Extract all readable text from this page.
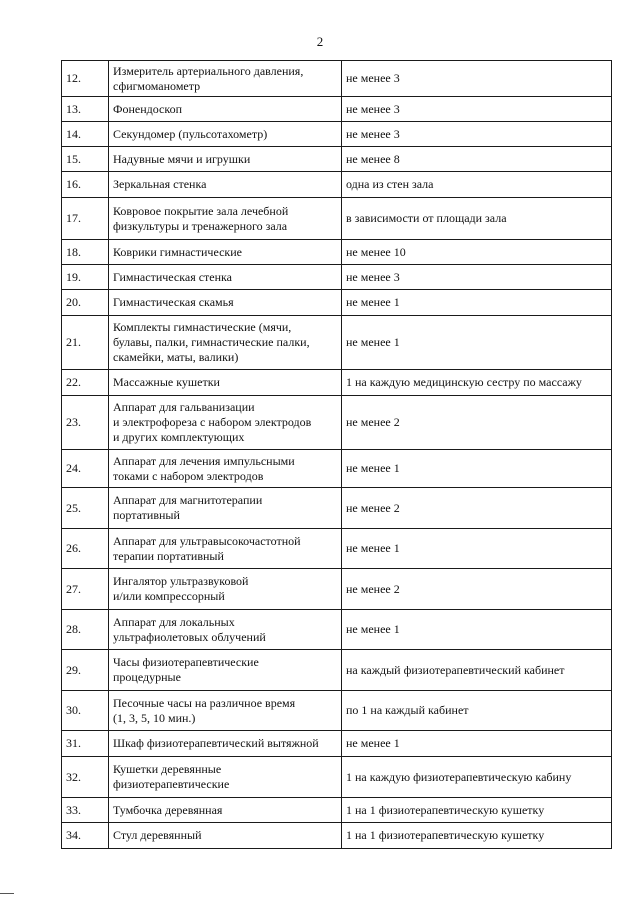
2
12.	Измеритель артериального давления,
сфигмоманометр	не менее 3

13.	Фонендоскоп	не менее 3

14.	Секундомер (пульсотахометр)	не менее 3

15.	Надувные мячи и игрушки	не менее 8

16.	Зеркальная стенка	одна из стен зала

17.	Ковровое покрытие зала лечебной
физкультуры и тренажерного зала	в зависимости от площади зала

18.	Коврики гимнастические	не менее 10

19.	Гимнастическая стенка	не менее 3

20.	Гимнастическая скамья	не менее 1

21.	Комплекты гимнастические (мячи,
булавы, палки, гимнастические палки,
скамейки, маты, валики)	не менее 1

22.	Массажные кушетки	1 на каждую медицинскую сестру по массажу

23.	Аппарат для гальванизации
и электрофореза с набором электродов
и других комплектующих	не менее 2

24.	Аппарат для лечения импульсными
токами с набором электродов	не менее 1

25.	Аппарат для магнитотерапии
портативный	не менее 2

26.	Аппарат для ультравысокочастотной
терапии портативный	не менее 1

27.	Ингалятор ультразвуковой
и/или компрессорный	не менее 2

28.	Аппарат для локальных
ультрафиолетовых облучений	не менее 1

29.	Часы физиотерапевтические
процедурные	на каждый физиотерапевтический кабинет

30.	Песочные часы на различное время
(1, 3, 5, 10 мин.)	по 1 на каждый кабинет

31.	Шкаф физиотерапевтический вытяжной	не менее 1

32.	Кушетки деревянные
физиотерапевтические	1 на каждую физиотерапевтическую кабину

33.	Тумбочка деревянная	1 на 1 физиотерапевтическую кушетку

34.	Стул деревянный	1 на 1 физиотерапевтическую кушетку
